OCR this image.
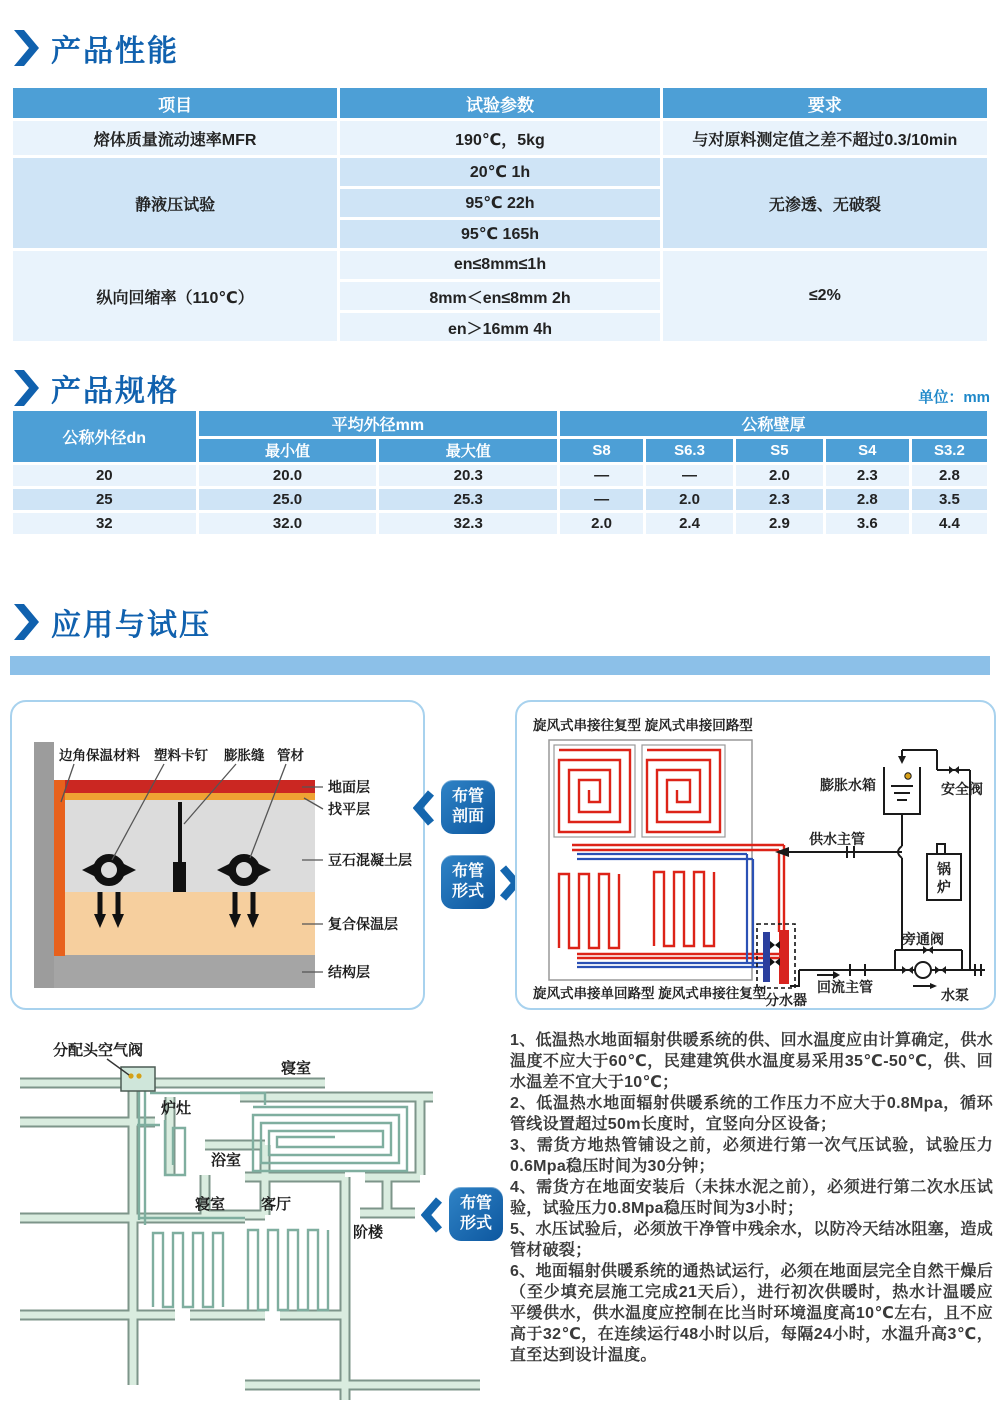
产品性能
项目	试验参数	要求
熔体质量流动速率MFR	190℃，5kg	与对原料测定值之差不超过0.3/10min
静液压试验	20℃ 1h	无渗透、无破裂
	95℃ 22h	
	95℃ 165h	
纵向回缩率（110℃）	en≤8mm≤1h	≤2%
	8mm＜en≤8mm 2h	
	en＞16mm 4h	
产品规格	单位：mm
公称外径dn	平均外径mm		公称壁厚				
	最小值	最大值	S8	S6.3	S5	S4	S3.2
20	20.0	20.3	—	—	2.0	2.3	2.8
25	25.0	25.3	—	2.0	2.3	2.8	3.5
32	32.0	32.3	2.0	2.4	2.9	3.6	4.4
应用与试压
边角保温材料 塑料卡钉 膨胀缝 管材
地面层
找平层
豆石混凝土层
复合保温层
结构层
布管
剖面
布管
形式
旋风式串接往复型 旋风式串接回路型
旋风式串接单回路型 旋风式串接往复型
分水器
膨胀水箱	安全阀
供水主管
锅
炉
旁通阀
回流主管	水泵
分配头空气阀
炉灶
寝室
浴室
寝室 客厅
阶楼
布管
形式

1、低温热水地面辐射供暖系统的供、回水温度应由计算确定，供水温度不应大于60℃，民建建筑供水温度易采用35℃-50℃，供、回水温差不宜大于10℃；

2、低温热水地面辐射供暖系统的工作压力不应大于0.8Mpa，循环管线设置超过50m长度时，宜竖向分区设备；

3、需货方地热管铺设之前，必须进行第一次气压试验，试验压力0.6Mpa稳压时间为30分钟；

4、需货方在地面安装后（未抹水泥之前），必须进行第二次水压试验，试验压力0.8Mpa稳压时间为3小时；

5、水压试验后，必须放干净管中残余水，以防冷天结冰阻塞，造成管材破裂；

6、地面辐射供暖系统的通热试运行，必须在地面层完全自然干燥后（至少填充层施工完成21天后），进行初次供暖时，热水计温暖应平缓供水，供水温度应控制在比当时环境温度高10℃左右，且不应高于32℃，在连续运行48小时以后，每隔24小时，水温升高3℃，直至达到设计温度。
